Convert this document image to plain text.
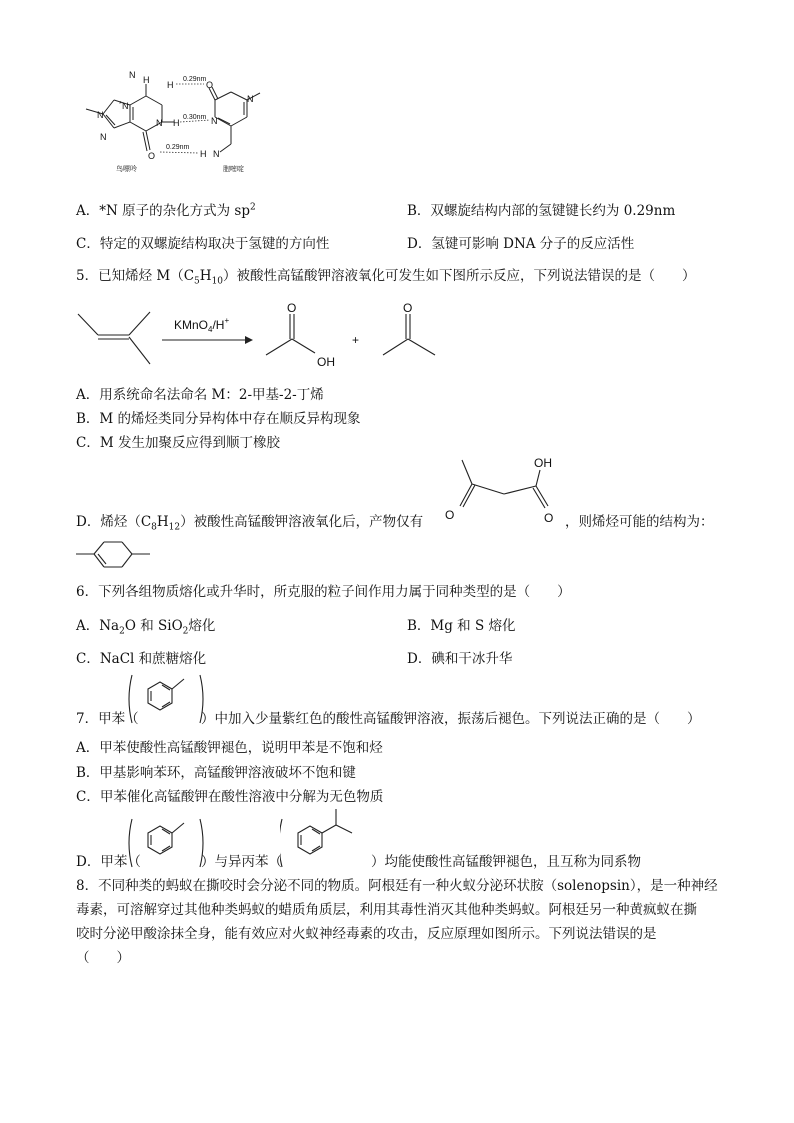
N H H
N
*
H
N
N
N
O
O
N
N
H N
0.29nm
0.30nm
0.29nm
鸟嘌呤	胞嘧啶
A．*N 原子的杂化方式为 $sp^2$	B．双螺旋结构内部的氢键键长约为 0.29nm
C．特定的双螺旋结构取决于氢键的方向性	D．氢键可影响 DNA 分子的反应活性
5．已知烯烃 $M(C_5H_{10})$被酸性高锰酸钾溶液氧化可发生如下图所示反应，下列说法错误的是（　　）
KMnO$_4$/H+
OH
O
+
O
A．用系统命名法命名 M：2-甲基-2-丁烯
B．M 的烯烃类同分异构体中存在顺反异构现象
C．M 发生加聚反应得到顺丁橡胶
D．烯烃$(C_8H_{12})$被酸性高锰酸钾溶液氧化后，产物仅有
OH
O	O ，则烯烃可能的结构为：
6．下列各组物质熔化或升华时，所克服的粒子间作用力属于同种类型的是（　　）
A．$Na_2O$ 和 SiO$_2$熔化	B．Mg 和 S 熔化
C．NaCl 和蔗糖熔化	D．碘和干冰升华
7．甲苯（	）中加入少量紫红色的酸性高锰酸钾溶液，振荡后褪色。下列说法正确的是（　　）
A．甲苯使酸性高锰酸钾褪色，说明甲苯是不饱和烃
B．甲基影响苯环，高锰酸钾溶液破坏不饱和键
C．甲苯催化高锰酸钾在酸性溶液中分解为无色物质
D．甲苯（	）与异丙苯（	）均能使酸性高锰酸钾褪色，且互称为同系物
8．不同种类的蚂蚁在撕咬时会分泌不同的物质。阿根廷有一种火蚁分泌环状胺（solenopsin），是一种神经
毒素，可溶解穿过其他种类蚂蚁的蜡质角质层，利用其毒性消灭其他种类蚂蚁。阿根廷另一种黄疯蚁在撕
咬时分泌甲酸涂抹全身，能有效应对火蚁神经毒素的攻击，反应原理如图所示。下列说法错误的是
（　　）
